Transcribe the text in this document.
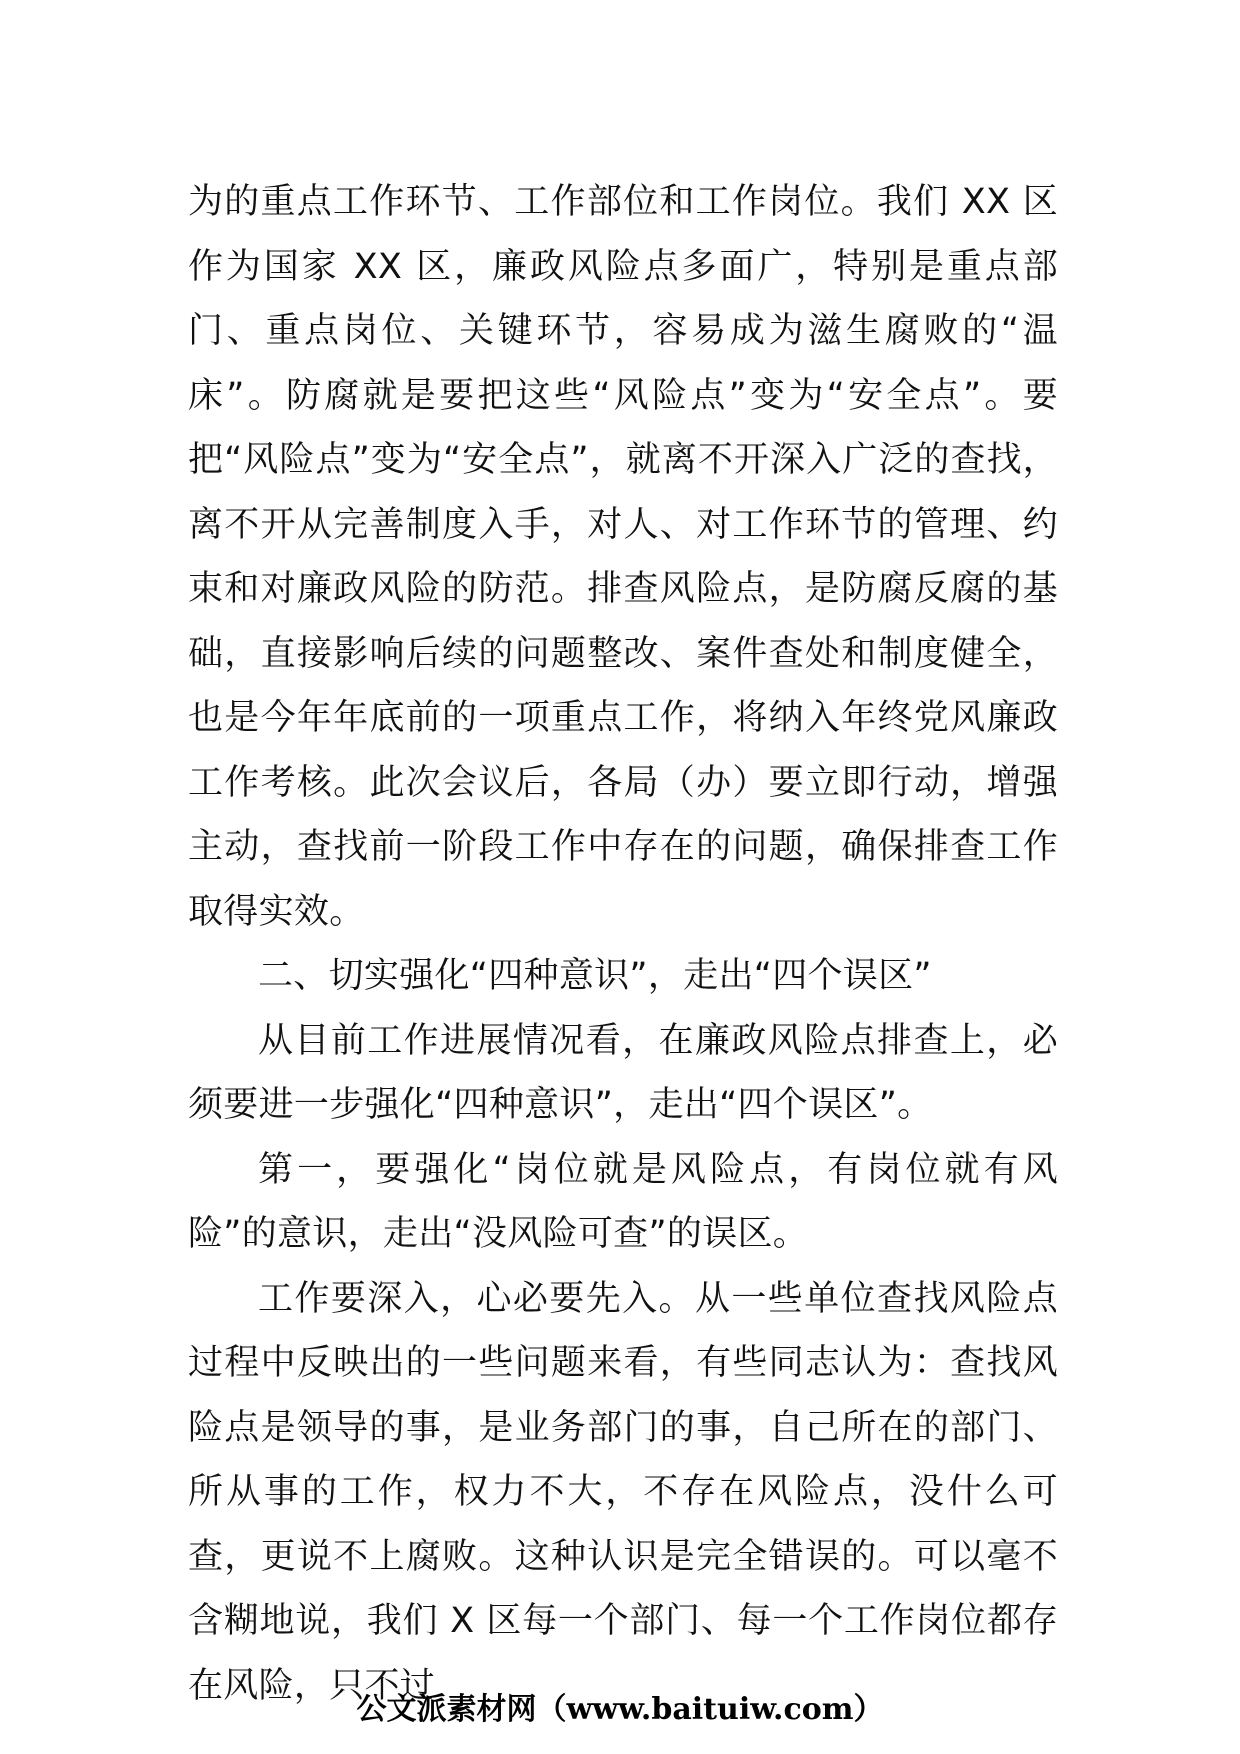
为的重点工作环节、工作部位和工作岗位。我们 XX 区作为国家 XX 区，廉政风险点多面广，特别是重点部门、重点岗位、关键环节，容易成为滋生腐败的“温床”。防腐就是要把这些“风险点”变为“安全点”。要把“风险点”变为“安全点”，就离不开深入广泛的查找，离不开从完善制度入手，对人、对工作环节的管理、约束和对廉政风险的防范。排查风险点，是防腐反腐的基础，直接影响后续的问题整改、案件查处和制度健全，也是今年年底前的一项重点工作，将纳入年终党风廉政工作考核。此次会议后，各局（办）要立即行动，增强主动，查找前一阶段工作中存在的问题，确保排查工作取得实效。

二、切实强化“四种意识”，走出“四个误区”

从目前工作进展情况看，在廉政风险点排查上，必须要进一步强化“四种意识”，走出“四个误区”。

第一，要强化“岗位就是风险点，有岗位就有风险”的意识，走出“没风险可查”的误区。

工作要深入，心必要先入。从一些单位查找风险点过程中反映出的一些问题来看，有些同志认为：查找风险点是领导的事，是业务部门的事，自己所在的部门、所从事的工作，权力不大，不存在风险点，没什么可查，更说不上腐败。这种认识是完全错误的。可以毫不含糊地说，我们 X 区每一个部门、每一个工作岗位都存在风险，只不过

公文派素材网（www.baituiw.com）
